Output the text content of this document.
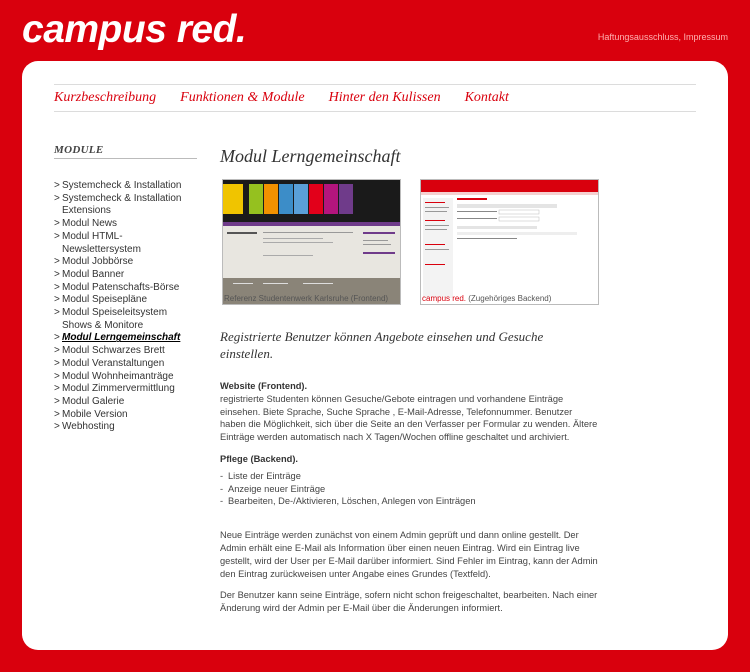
campus red.	Haftungsausschluss, Impressum
Kurzbeschreibung Funktionen & Module Hinter den Kulissen Kontakt
MODULE
> Systemcheck & Installation
> Systemcheck & Installation Extensions
> Modul News
> Modul HTML-Newslettersystem
> Modul Jobbörse
> Modul Banner
> Modul Patenschafts-Börse
> Modul Speisepläne
> Modul Speiseleitsystem Shows & Monitore
> Modul Lerngemeinschaft
> Modul Schwarzes Brett
> Modul Veranstaltungen
> Modul Wohnheimanträge
> Modul Zimmervermittlung
> Modul Galerie
> Mobile Version
> Webhosting
Modul Lerngemeinschaft
Referenz Studentenwerk Karlsruhe (Frontend)	campus red. (Zugehöriges Backend)
Registrierte Benutzer können Angebote einsehen und Gesuche einstellen.

Website (Frontend).
registrierte Studenten können Gesuche/Gebote eintragen und vorhandene Einträge einsehen. Biete Sprache, Suche Sprache , E-Mail-Adresse, Telefonnummer. Benutzer haben die Möglichkeit, sich über die Seite an den Verfasser per Formular zu wenden. Ältere Einträge werden automatisch nach X Tagen/Wochen offline geschaltet und archiviert.

Pflege (Backend).

- Liste der Einträge
- Anzeige neuer Einträge
- Bearbeiten, De-/Aktivieren, Löschen, Anlegen von Einträgen

Neue Einträge werden zunächst von einem Admin geprüft und dann online gestellt. Der Admin erhält eine E-Mail als Information über einen neuen Eintrag. Wird ein Eintrag live gestellt, wird der User per E-Mail darüber informiert. Sind Fehler im Eintrag, kann der Admin den Eintrag zurückweisen unter Angabe eines Grundes (Textfeld).

Der Benutzer kann seine Einträge, sofern nicht schon freigeschaltet, bearbeiten. Nach einer Änderung wird der Admin per E-Mail über die Änderungen informiert.
